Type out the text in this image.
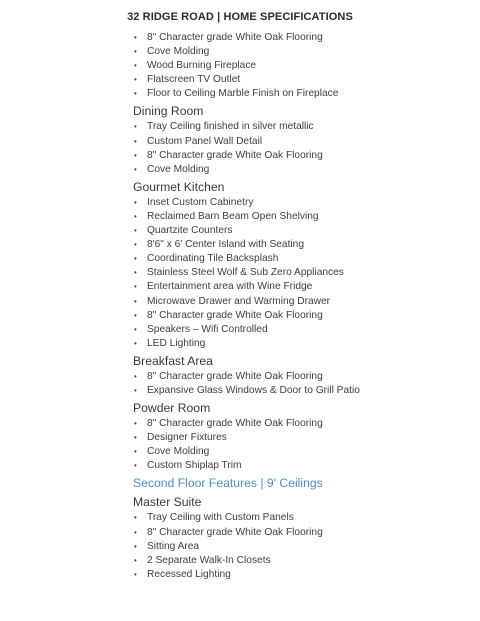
32 RIDGE ROAD | HOME SPECIFICATIONS
• 8" Character grade White Oak Flooring
• Cove Molding
• Wood Burning Fireplace
• Flatscreen TV Outlet
• Floor to Ceiling Marble Finish on Fireplace
Dining Room
• Tray Ceiling finished in silver metallic
• Custom Panel Wall Detail
• 8" Character grade White Oak Flooring
• Cove Molding
Gourmet Kitchen
• Inset Custom Cabinetry
• Reclaimed Barn Beam Open Shelving
• Quartzite Counters
• 8'6" x 6' Center Island with Seating
• Coordinating Tile Backsplash
• Stainless Steel Wolf & Sub Zero Appliances
• Entertainment area with Wine Fridge
• Microwave Drawer and Warming Drawer
• 8" Character grade White Oak Flooring
• Speakers – Wifi Controlled
• LED Lighting
Breakfast Area
• 8" Character grade White Oak Flooring
• Expansive Glass Windows & Door to Grill Patio
Powder Room
• 8" Character grade White Oak Flooring
• Designer Fixtures
• Cove Molding
• Custom Shiplap Trim
Second Floor Features | 9' Ceilings
Master Suite
• Tray Ceiling with Custom Panels
• 8" Character grade White Oak Flooring
• Sitting Area
• 2 Separate Walk-In Closets
• Recessed Lighting
